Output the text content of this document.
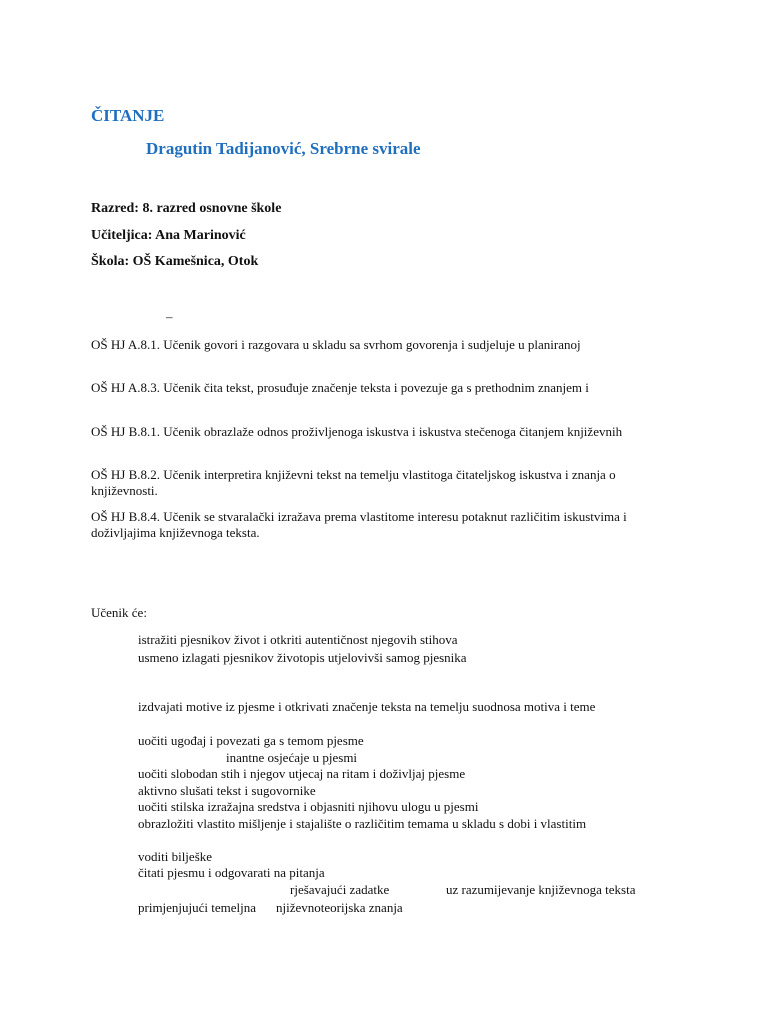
ČITANJE
Dragutin Tadijanović, Srebrne svirale
Razred: 8. razred osnovne škole
Učiteljica: Ana Marinović
Škola: OŠ Kamešnica, Otok
–
OŠ HJ A.8.1. Učenik govori i razgovara u skladu sa svrhom govorenja i sudjeluje u planiranoj
OŠ HJ A.8.3. Učenik čita tekst, prosuđuje značenje teksta i povezuje ga s prethodnim znanjem i
OŠ HJ B.8.1. Učenik obrazlaže odnos proživljenoga iskustva i iskustva stečenoga čitanjem književnih
OŠ HJ B.8.2. Učenik interpretira književni tekst na temelju vlastitoga čitateljskog iskustva i znanja o književnosti.
OŠ HJ B.8.4. Učenik se stvaralački izražava prema vlastitome interesu potaknut različitim iskustvima i doživljajima književnoga teksta.
Učenik će:
istražiti pjesnikov život i otkriti autentičnost njegovih stihova
usmeno izlagati pjesnikov životopis utjelovivši samog pjesnika
izdvajati motive iz pjesme i otkrivati značenje teksta na temelju suodnosa motiva i teme
uočiti ugođaj i povezati ga s temom pjesme
inantne osjećaje u pjesmi
uočiti slobodan stih i njegov utjecaj na ritam i doživljaj pjesme
aktivno slušati tekst i sugovornike
uočiti stilska izražajna sredstva i objasniti njihovu ulogu u pjesmi
obrazložiti vlastito mišljenje i stajalište o različitim temama u skladu s dobi i vlastitim
voditi bilješke
čitati pjesmu i odgovarati na pitanja
rješavajući zadatke	uz razumijevanje književnoga teksta
primjenjujući temeljna njiževnoteorijska znanja
